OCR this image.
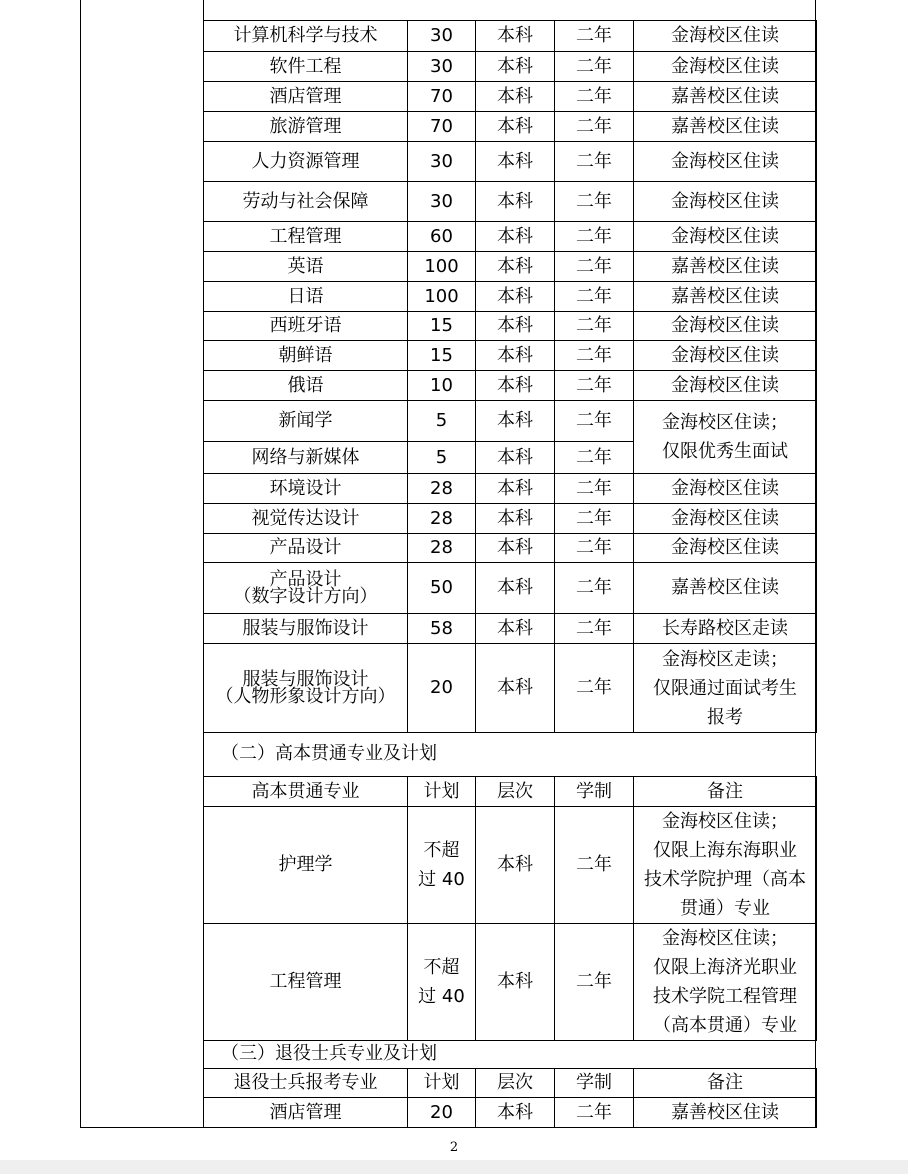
计算机科学与技术	30	本科	二年	金海校区住读
软件工程	30	本科	二年	金海校区住读
酒店管理	70	本科	二年	嘉善校区住读
旅游管理	70	本科	二年	嘉善校区住读
人力资源管理	30	本科	二年	金海校区住读
劳动与社会保障	30	本科	二年	金海校区住读
工程管理	60	本科	二年	金海校区住读
英语	100	本科	二年	嘉善校区住读
日语	100	本科	二年	嘉善校区住读
西班牙语	15	本科	二年	金海校区住读
朝鲜语	15	本科	二年	金海校区住读
俄语	10	本科	二年	金海校区住读
新闻学	5	本科	二年	金海校区住读；
仅限优秀生面试

网络与新媒体	5	本科	二年	
环境设计	28	本科	二年	金海校区住读
视觉传达设计	28	本科	二年	金海校区住读
产品设计	28	本科	二年	金海校区住读

产品设计
（数字设计方向）	50	本科	二年	嘉善校区住读
服装与服饰设计	58	本科	二年	长寿路校区走读

服装与服饰设计
（人物形象设计方向）	20	本科	二年	金海校区走读；
仅限通过面试考生
报考
（二）高本贯通专业及计划
高本贯通专业	计划	层次	学制	备注
护理学	不超
过 40	本科	二年	金海校区住读；
仅限上海东海职业
技术学院护理（高本
贯通）专业

工程管理	不超
过 40	本科	二年	金海校区住读；
仅限上海济光职业
技术学院工程管理
（高本贯通）专业
（三）退役士兵专业及计划
退役士兵报考专业	计划	层次	学制	备注
酒店管理	20	本科	二年	嘉善校区住读
2
